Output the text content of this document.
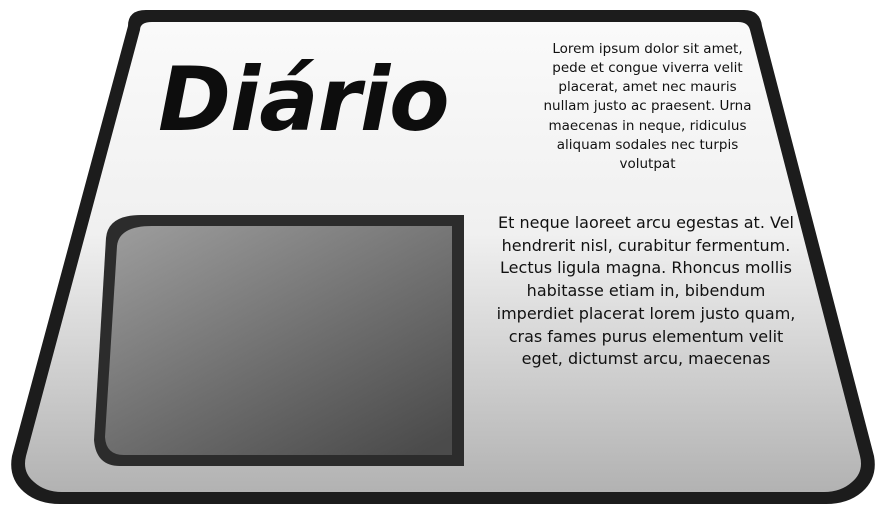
Diário	Lorem ipsum dolor sit amet, pede et congue viverra velit placerat, amet nec mauris nullam justo ac praesent. Urna maecenas in neque, ridiculus aliquam sodales nec turpis volutpat
Et neque laoreet arcu egestas at. Vel hendrerit nisl, curabitur fermentum. Lectus ligula magna. Rhoncus mollis habitasse etiam in, bibendum imperdiet placerat lorem justo quam, cras fames purus elementum velit eget, dictumst arcu, maecenas
